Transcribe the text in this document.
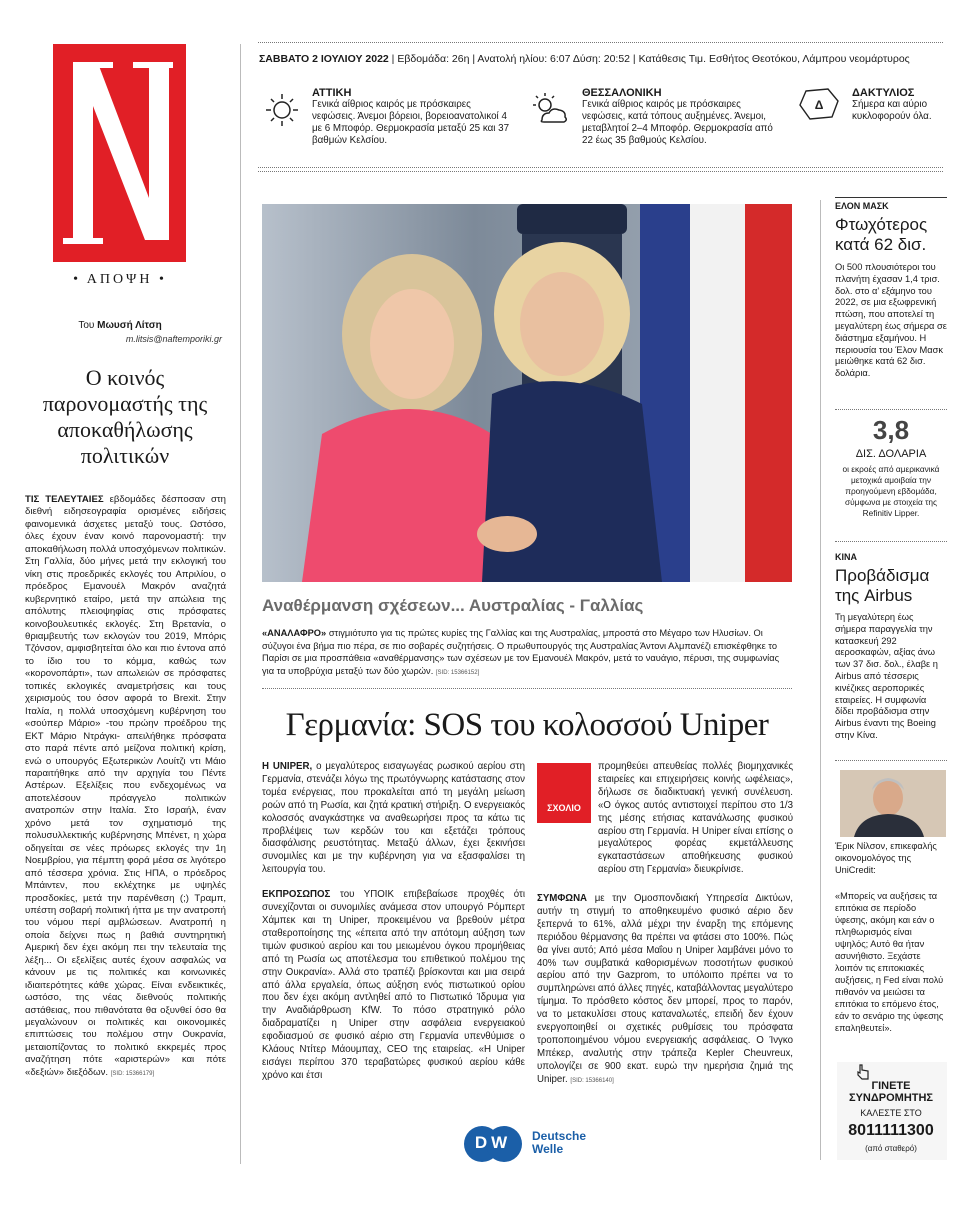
• ΑΠΟΨΗ •
Του Μωυσή Λίτση
m.litsis@naftemporiki.gr
Ο κοινός παρονομαστής της αποκαθήλωσης πολιτικών
ΤΙΣ ΤΕΛΕΥΤΑΙΕΣ εβδομάδες δέσποσαν στη διεθνή ειδησεογραφία ορισμένες ειδήσεις φαινομενικά άσχετες μεταξύ τους. Ωστόσο, όλες έχουν έναν κοινό παρονομαστή: την αποκαθήλωση πολλά υποσχόμενων πολιτικών. Στη Γαλλία, δύο μήνες μετά την εκλογική του νίκη στις προεδρικές εκλογές του Απριλίου, ο πρόεδρος Εμανουέλ Μακρόν αναζητά κυβερνητικό εταίρο, μετά την απώλεια της απόλυτης πλειοψηφίας στις πρόσφατες κοινοβουλευτικές εκλογές. Στη Βρετανία, ο θριαμβευτής των εκλογών του 2019, Μπόρις Τζόνσον, αμφισβητείται όλο και πιο έντονα από το ίδιο του το κόμμα, καθώς των «κορονοπάρτι», των απωλειών σε πρόσφατες τοπικές εκλογικές αναμετρήσεις και τους χειρισμούς του όσον αφορά το Brexit. Στην Ιταλία, η πολλά υποσχόμενη κυβέρνηση του «σούπερ Μάριο» -του πρώην προέδρου της ΕΚΤ Μάριο Ντράγκι- απειλήθηκε πρόσφατα στο παρά πέντε από μείζονα πολιτική κρίση, ενώ ο υπουργός Εξωτερικών Λουίτζι ντι Μάιο παραιτήθηκε από την αρχηγία του Πέντε Αστέρων. Εξελίξεις που ενδεχομένως να αποτελέσουν πρόαγγελο πολιτικών ανατροπών στην Ιταλία. Στο Ισραήλ, έναν χρόνο μετά τον σχηματισμό της πολυσυλλεκτικής κυβέρνησης Μπένετ, η χώρα οδηγείται σε νέες πρόωρες εκλογές την 1η Νοεμβρίου, για πέμπτη φορά μέσα σε λιγότερο από τέσσερα χρόνια. Στις ΗΠΑ, ο πρόεδρος Μπάιντεν, που εκλέχτηκε με υψηλές προσδοκίες, μετά την παρένθεση (;) Τραμπ, υπέστη σοβαρή πολιτική ήττα με την ανατροπή του νόμου περί αμβλώσεων. Ανατροπή η οποία δείχνει πως η βαθιά συντηρητική Αμερική δεν έχει ακόμη πει την τελευταία της λέξη... Οι εξελίξεις αυτές έχουν ασφαλώς να κάνουν με τις πολιτικές και κοινωνικές ιδιαιτερότητες κάθε χώρας. Είναι ενδεικτικές, ωστόσο, της νέας διεθνούς πολιτικής αστάθειας, που πιθανότατα θα οξυνθεί όσο θα μεγαλώνουν οι πολιτικές και οικονομικές επιπτώσεις του πολέμου στην Ουκρανία, μεταιοπίζοντας το πολιτικό εκκρεμές προς αναζήτηση πότε «αριστερών» και πότε «δεξιών» διεξόδων. [SID: 15366179]
ΣΑΒΒΑΤΟ 2 ΙΟΥΛΙΟΥ 2022 | Εβδομάδα: 26η | Ανατολή ηλίου: 6:07 Δύση: 20:52 | Κατάθεσις Τιμ. Εσθήτος Θεοτόκου, Λάμπρου νεομάρτυρος
ΑΤΤΙΚΗ
Γενικά αίθριος καιρός με πρόσκαιρες νεφώσεις. Άνεμοι βόρειοι, βορειοανατολικοί 4 με 6 Μποφόρ. Θερμοκρασία μεταξύ 25 και 37 βαθμών Κελσίου.
ΘΕΣΣΑΛΟΝΙΚΗ
Γενικά αίθριος καιρός με πρόσκαιρες νεφώσεις, κατά τόπους αυξημένες. Άνεμοι, μεταβλητοί 2–4 Μποφόρ. Θερμοκρασία από 22 έως 35 βαθμούς Κελσίου.
Δ
ΔΑΚΤΥΛΙΟΣ
Σήμερα και αύριο κυκλοφορούν όλα.
Αναθέρμανση σχέσεων... Αυστραλίας - Γαλλίας
«ΑΝΑΛΑΦΡΟ» στιγμιότυπο για τις πρώτες κυρίες της Γαλλίας και της Αυστραλίας, μπροστά στο Μέγαρο των Ηλυσίων. Οι σύζυγοι ένα βήμα πιο πέρα, σε πιο σοβαρές συζητήσεις. Ο πρωθυπουργός της Αυστραλίας Άντονι Αλμπανέζι επισκέφθηκε το Παρίσι σε μια προσπάθεια «αναθέρμανσης» των σχέσεων με τον Εμανουέλ Μακρόν, μετά το ναυάγιο, πέρυσι, της συμφωνίας για τα υποβρύχια μεταξύ των δύο χωρών. [SID: 15366152]
Γερμανία: SOS του κολοσσού Uniper

Η UNIPER, ο μεγαλύτερος εισαγωγέας ρωσικού αερίου στη Γερμανία, στενάζει λόγω της πρωτόγνωρης κατάστασης στον τομέα ενέργειας, που προκαλείται από τη μεγάλη μείωση ροών από τη Ρωσία, και ζητά κρατική στήριξη. Ο ενεργειακός κολοσσός αναγκάστηκε να αναθεωρήσει προς τα κάτω τις προβλέψεις των κερδών του και εξετάζει τρόπους διασφάλισης ρευστότητας. Μεταξύ άλλων, έχει ξεκινήσει συνομιλίες και με την κυβέρνηση για να εξασφαλίσει τη λειτουργία του.

ΕΚΠΡΟΣΩΠΟΣ του ΥΠΟΙΚ επιβεβαίωσε προχθές ότι συνεχίζονται οι συνομιλίες ανάμεσα στον υπουργό Ρόμπερτ Χάμπεκ και τη Uniper, προκειμένου να βρεθούν μέτρα σταθεροποίησης της «έπειτα από την απότομη αύξηση των τιμών φυσικού αερίου και του μειωμένου όγκου προμήθειας από τη Ρωσία ως αποτέλεσμα του επιθετικού πολέμου της στην Ουκρανία». Αλλά στο τραπέζι βρίσκονται και μια σειρά από άλλα εργαλεία, όπως αύξηση ενός πιστωτικού ορίου που δεν έχει ακόμη αντληθεί από το Πιστωτικό Ίδρυμα για την Αναδιάρθρωση KfW. Το πόσο στρατηγικό ρόλο διαδραματίζει η Uniper στην ασφάλεια ενεργειακού εφοδιασμού σε φυσικό αέριο στη Γερμανία υπενθύμισε ο Κλάους Ντίτερ Μάουμπαχ, CEO της εταιρείας. «Η Uniper εισάγει περίπου 370 τεραβατώρες φυσικού αερίου κάθε χρόνο και έτσι

ΣΧΟΛΙΟ
προμηθεύει απευθείας πολλές βιομηχανικές εταιρείες και επιχειρήσεις κοινής ωφέλειας», δήλωσε σε διαδικτυακή γενική συνέλευση. «Ο όγκος αυτός αντιστοιχεί περίπου στο 1/3 της μέσης ετήσιας κατανάλωσης φυσικού αερίου στη Γερμανία. Η Uniper είναι επίσης ο μεγαλύτερος φορέας εκμετάλλευσης εγκαταστάσεων αποθήκευσης φυσικού αερίου στη Γερμανία» διευκρίνισε.

ΣΥΜΦΩΝΑ με την Ομοσπονδιακή Υπηρεσία Δικτύων, αυτήν τη στιγμή το αποθηκευμένο φυσικό αέριο δεν ξεπερνά το 61%, αλλά μέχρι την έναρξη της επόμενης περιόδου θέρμανσης θα πρέπει να φτάσει στο 100%. Πώς θα γίνει αυτό; Από μέσα Μαΐου η Uniper λαμβάνει μόνο το 40% των συμβατικά καθορισμένων ποσοτήτων φυσικού αερίου από την Gazprom, το υπόλοιπο πρέπει να το συμπληρώνει από άλλες πηγές, καταβάλλοντας μεγαλύτερο τίμημα. Το πρόσθετο κόστος δεν μπορεί, προς το παρόν, να το μετακυλίσει στους καταναλωτές, επειδή δεν έχουν ενεργοποιηθεί οι σχετικές ρυθμίσεις του πρόσφατα τροποποιημένου νόμου ενεργειακής ασφάλειας. Ο Ίνγκο Μπέκερ, αναλυτής στην τράπεζα Kepler Cheuvreux, υπολογίζει σε 900 εκατ. ευρώ την ημερήσια ζημιά της Uniper. [SID: 15366140]

DW	Deutsche
Welle
ΕΛΟΝ ΜΑΣΚ
Φτωχότερος κατά 62 δισ.
Οι 500 πλουσιότεροι του πλανήτη έχασαν 1,4 τρισ. δολ. στο α' εξάμηνο του 2022, σε μια εξωφρενική πτώση, που αποτελεί τη μεγαλύτερη έως σήμερα σε διάστημα εξαμήνου. Η περιουσία του Έλον Μασκ μειώθηκε κατά 62 δισ. δολάρια.
3,8
ΔΙΣ. ΔΟΛΑΡΙΑ
οι εκροές από αμερικανικά μετοχικά αμοιβαία την προηγούμενη εβδομάδα, σύμφωνα με στοιχεία της Refinitiv Lipper.
ΚΙΝΑ
Προβάδισμα της Airbus
Τη μεγαλύτερη έως σήμερα παραγγελία την κατασκευή 292 αεροσκαφών, αξίας άνω των 37 δισ. δολ., έλαβε η Airbus από τέσσερις κινέζικες αεροπορικές εταιρείες. Η συμφωνία δίδει προβάδισμα στην Airbus έναντι της Boeing στην Κίνα.
Έρικ Νίλσον, επικεφαλής οικονομολόγος της UniCredit:
«Μπορείς να αυξήσεις τα επιτόκια σε περίοδο ύφεσης, ακόμη και εάν ο πληθωρισμός είναι υψηλός; Αυτό θα ήταν ασυνήθιστο. Ξεχάστε λοιπόν τις επιτοκιακές αυξήσεις, η Fed είναι πολύ πιθανόν να μειώσει τα επιτόκια το επόμενο έτος, εάν το σενάριο της ύφεσης επαληθευτεί».
ΓΙΝΕΤΕ ΣΥΝΔΡΟΜΗΤΗΣ
ΚΑΛΕΣΤΕ ΣΤΟ
8011111300
(από σταθερό)
